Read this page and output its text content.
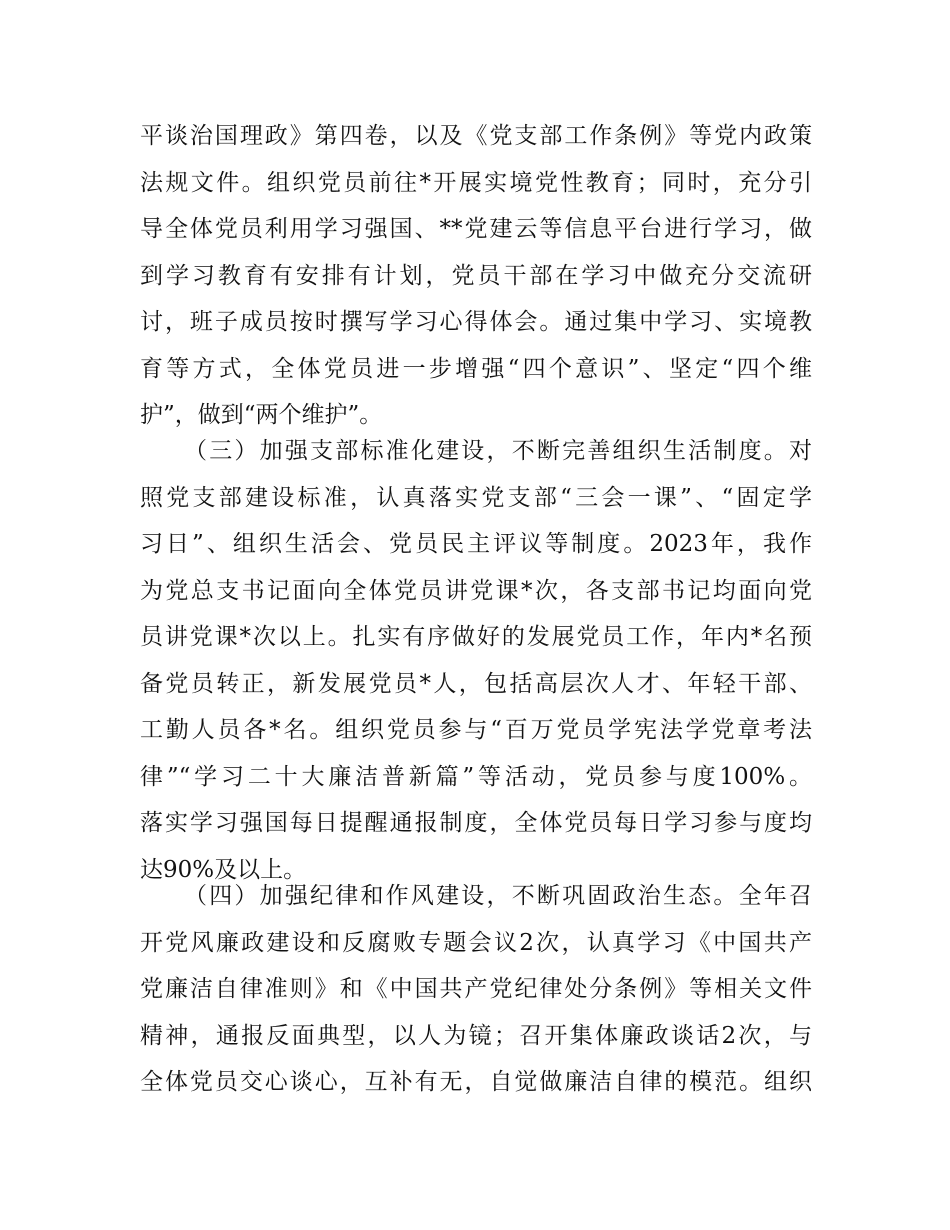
平谈治国理政》第四卷，以及《党支部工作条例》等党内政策
法规文件。组织党员前往*开展实境党性教育；同时，充分引
导全体党员利用学习强国、**党建云等信息平台进行学习，做
到学习教育有安排有计划，党员干部在学习中做充分交流研
讨，班子成员按时撰写学习心得体会。通过集中学习、实境教
育等方式，全体党员进一步增强“四个意识”、坚定“四个维
护”，做到“两个维护”。
（三）加强支部标准化建设，不断完善组织生活制度。对
照党支部建设标准，认真落实党支部“三会一课”、“固定学
习日”、组织生活会、党员民主评议等制度。2023年，我作
为党总支书记面向全体党员讲党课*次，各支部书记均面向党
员讲党课*次以上。扎实有序做好的发展党员工作，年内*名预
备党员转正，新发展党员*人，包括高层次人才、年轻干部、
工勤人员各*名。组织党员参与“百万党员学宪法学党章考法
律”“学习二十大廉洁普新篇”等活动，党员参与度100%。
落实学习强国每日提醒通报制度，全体党员每日学习参与度均
达90%及以上。
（四）加强纪律和作风建设，不断巩固政治生态。全年召
开党风廉政建设和反腐败专题会议2次，认真学习《中国共产
党廉洁自律准则》和《中国共产党纪律处分条例》等相关文件
精神，通报反面典型，以人为镜；召开集体廉政谈话2次，与
全体党员交心谈心，互补有无，自觉做廉洁自律的模范。组织
